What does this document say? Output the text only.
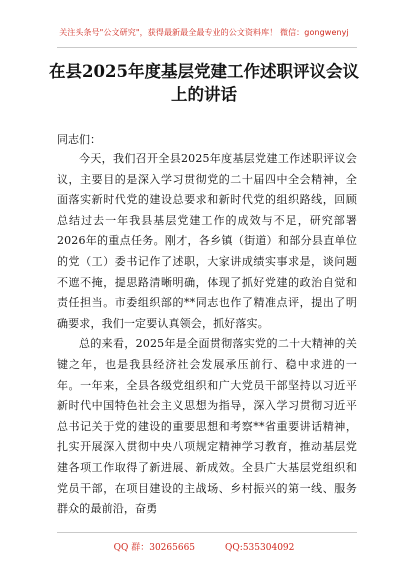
关注头条号"公文研究"，获得最新最全最专业的公文资料库！ 微信：gongwenyj
在县2025年度基层党建工作述职评议会议上的讲话

同志们：

今天，我们召开全县2025年度基层党建工作述职评议会议，主要目的是深入学习贯彻党的二十届四中全会精神，全面落实新时代党的建设总要求和新时代党的组织路线，回顾总结过去一年我县基层党建工作的成效与不足，研究部署2026年的重点任务。刚才，各乡镇（街道）和部分县直单位的党（工）委书记作了述职，大家讲成绩实事求是，谈问题不遮不掩，提思路清晰明确，体现了抓好党建的政治自觉和责任担当。市委组织部的**同志也作了精准点评，提出了明确要求，我们一定要认真领会，抓好落实。

总的来看，2025年是全面贯彻落实党的二十大精神的关键之年，也是我县经济社会发展承压前行、稳中求进的一年。一年来，全县各级党组织和广大党员干部坚持以习近平新时代中国特色社会主义思想为指导，深入学习贯彻习近平总书记关于党的建设的重要思想和考察**省重要讲话精神，扎实开展深入贯彻中央八项规定精神学习教育，推动基层党建各项工作取得了新进展、新成效。全县广大基层党组织和党员干部，在项目建设的主战场、乡村振兴的第一线、服务群众的最前沿，奋勇

QQ 群：30265665	QQ:535304092
